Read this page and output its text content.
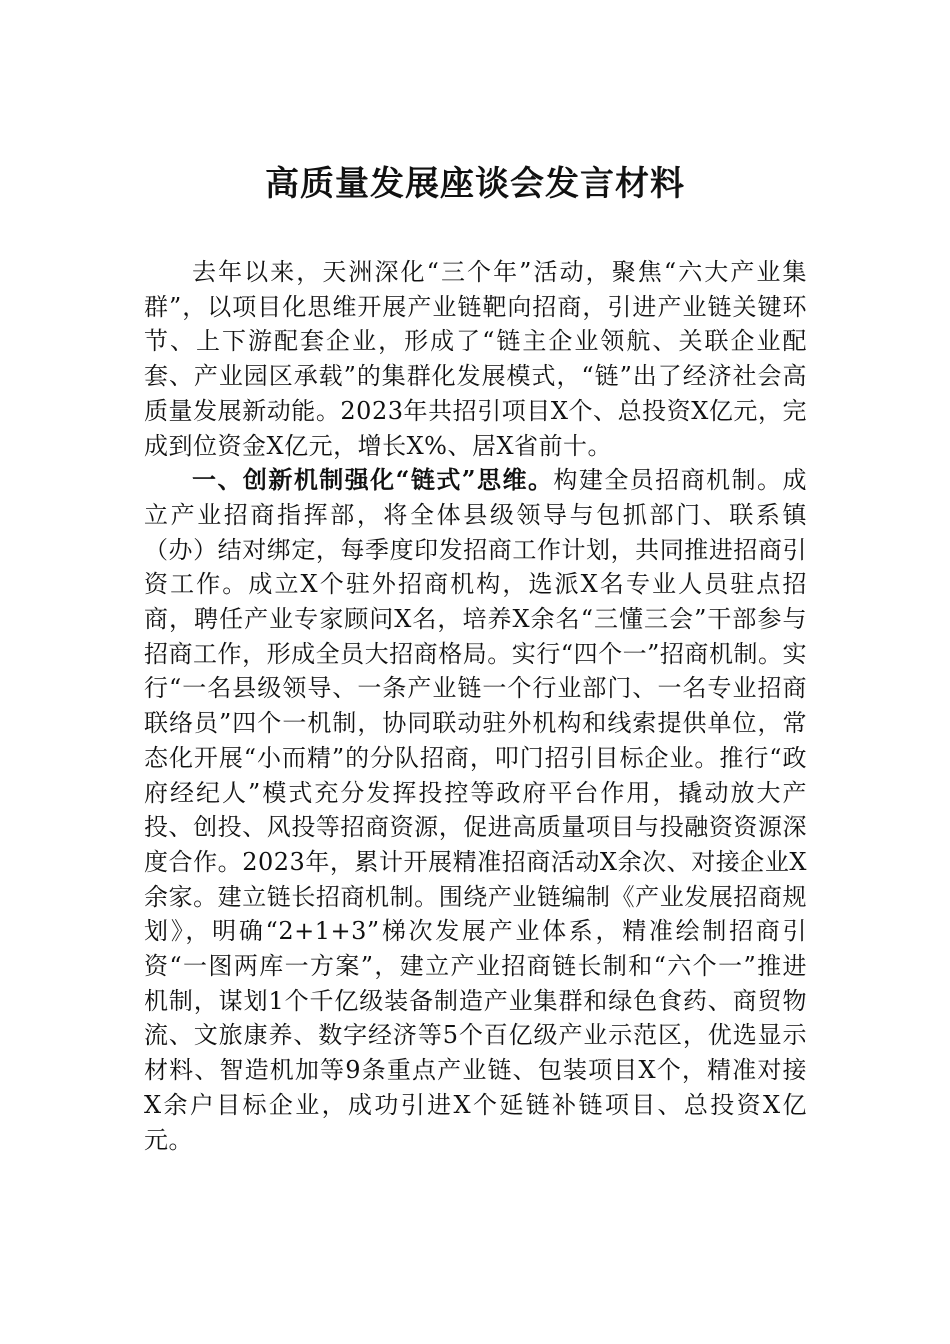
高质量发展座谈会发言材料

去年以来，天洲深化“三个年”活动，聚焦“六大产业集群”，以项目化思维开展产业链靶向招商，引进产业链关键环节、上下游配套企业，形成了“链主企业领航、关联企业配套、产业园区承载”的集群化发展模式，“链”出了经济社会高质量发展新动能。2023年共招引项目X个、总投资X亿元，完成到位资金X亿元，增长X%、居X省前十。

一、创新机制强化“链式”思维。构建全员招商机制。成立产业招商指挥部，将全体县级领导与包抓部门、联系镇（办）结对绑定，每季度印发招商工作计划，共同推进招商引资工作。成立X个驻外招商机构，选派X名专业人员驻点招商，聘任产业专家顾问X名，培养X余名“三懂三会”干部参与招商工作，形成全员大招商格局。实行“四个一”招商机制。实行“一名县级领导、一条产业链一个行业部门、一名专业招商联络员”四个一机制，协同联动驻外机构和线索提供单位，常态化开展“小而精”的分队招商，叩门招引目标企业。推行“政府经纪人”模式充分发挥投控等政府平台作用，撬动放大产投、创投、风投等招商资源，促进高质量项目与投融资资源深度合作。2023年，累计开展精准招商活动X余次、对接企业X余家。建立链长招商机制。围绕产业链编制《产业发展招商规划》，明确“2+1+3”梯次发展产业体系，精准绘制招商引资“一图两库一方案”，建立产业招商链长制和“六个一”推进机制，谋划1个千亿级装备制造产业集群和绿色食药、商贸物流、文旅康养、数字经济等5个百亿级产业示范区，优选显示材料、智造机加等9条重点产业链、包装项目X个，精准对接X余户目标企业，成功引进X个延链补链项目、总投资X亿元。
